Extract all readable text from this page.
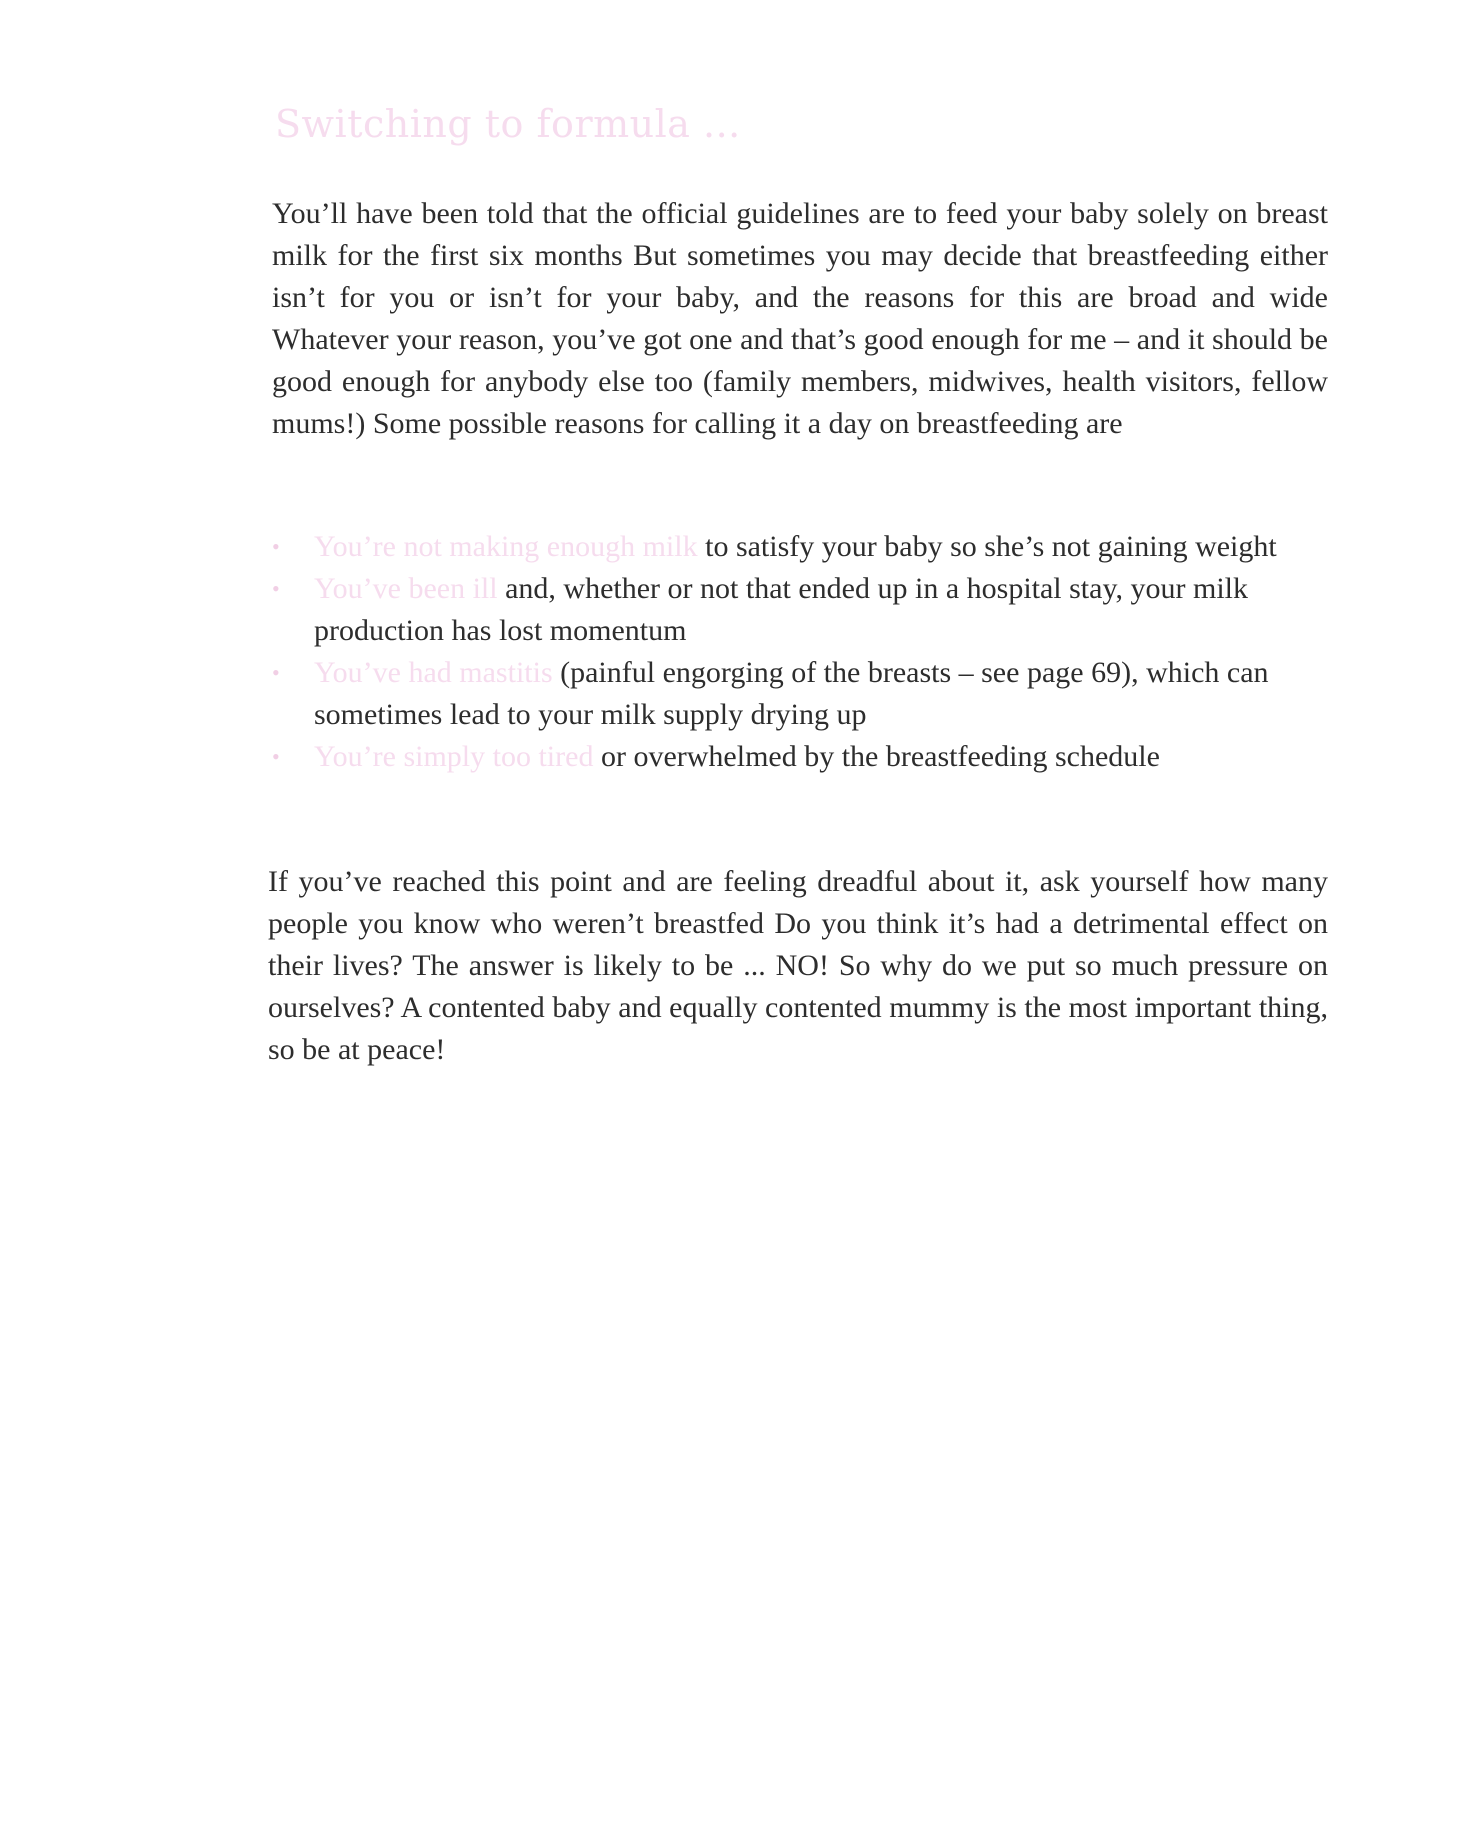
Switching to formula ...

You’ll have been told that the official guidelines are to feed your baby solely on breast milk for the first six months But sometimes you may decide that breastfeeding either isn’t for you or isn’t for your baby, and the reasons for this are broad and wide Whatever your reason, you’ve got one and that’s good enough for me – and it should be good enough for anybody else too (family members, midwives, health visitors, fellow mums!) Some possible reasons for calling it a day on breastfeeding are

• You’re not making enough milk to satisfy your baby so she’s not gaining weight
• You’ve been ill and, whether or not that ended up in a hospital stay, your milk production has lost momentum
• You’ve had mastitis (painful engorging of the breasts – see page 69), which can sometimes lead to your milk supply drying up
• You’re simply too tired or overwhelmed by the breastfeeding schedule

If you’ve reached this point and are feeling dreadful about it, ask yourself how many people you know who weren’t breastfed Do you think it’s had a detrimental effect on their lives? The answer is likely to be ... NO! So why do we put so much pressure on ourselves? A contented baby and equally contented mummy is the most important thing, so be at peace!
